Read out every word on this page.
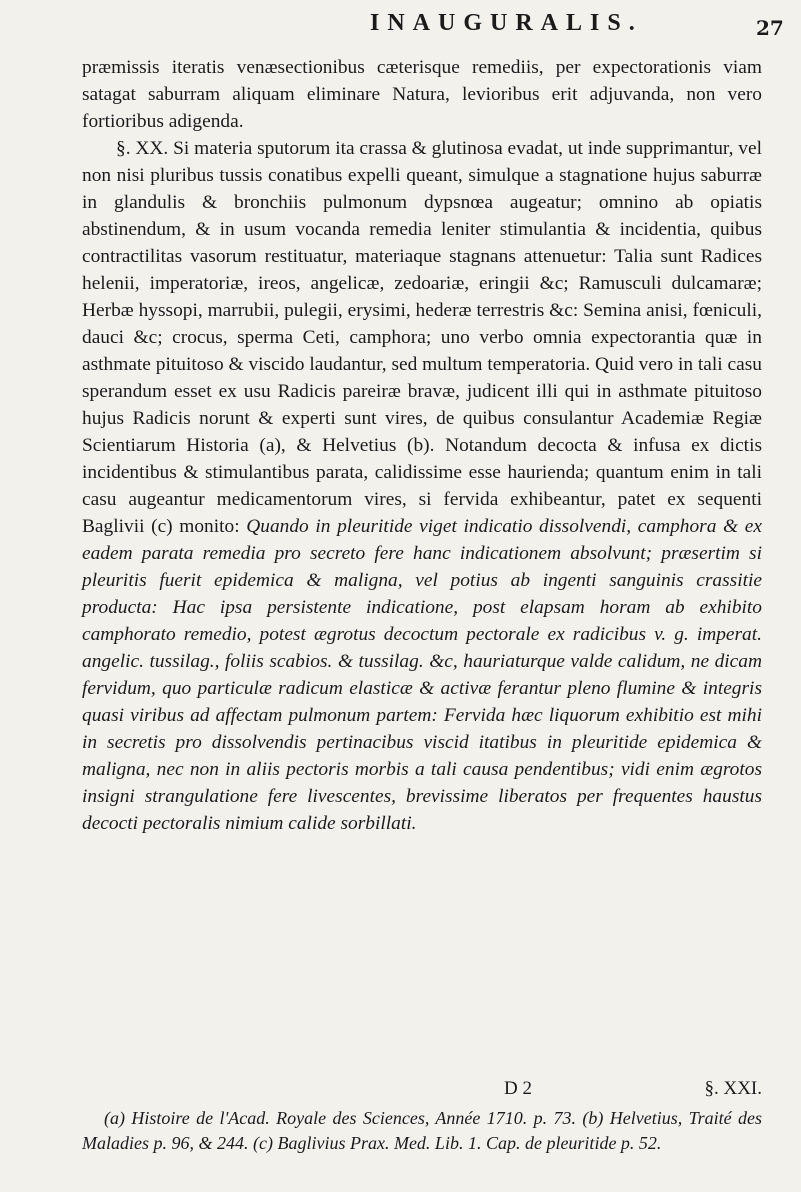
INAUGURALIS.	27

præmissis iteratis venæsectionibus cæterisque remediis, per expectorationis viam satagat saburram aliquam eliminare Natura, levioribus erit adjuvanda, non vero fortioribus adigenda.

§. XX. Si materia sputorum ita crassa & glutinosa evadat, ut inde supprimantur, vel non nisi pluribus tussis conatibus expelli queant, simulque a stagnatione hujus saburræ in glandulis & bronchiis pulmonum dypsnœa augeatur; omnino ab opiatis abstinendum, & in usum vocanda remedia leniter stimulantia & incidentia, quibus contractilitas vasorum restituatur, materiaque stagnans attenuetur: Talia sunt Radices helenii, imperatoriæ, ireos, angelicæ, zedoariæ, eringii &c; Ramusculi dulcamaræ; Herbæ hyssopi, marrubii, pulegii, erysimi, hederæ terrestris &c: Semina anisi, fœniculi, dauci &c; crocus, sperma Ceti, camphora; uno verbo omnia expectorantia quæ in asthmate pituitoso & viscido laudantur, sed multum temperatoria. Quid vero in tali casu sperandum esset ex usu Radicis pareiræ bravæ, judicent illi qui in asthmate pituitoso hujus Radicis norunt & experti sunt vires, de quibus consulantur Academiæ Regiæ Scientiarum Historia (a), & Helvetius (b). Notandum decocta & infusa ex dictis incidentibus & stimulantibus parata, calidissime esse haurienda; quantum enim in tali casu augeantur medicamentorum vires, si fervida exhibeantur, patet ex sequenti Baglivii (c) monito: Quando in pleuritide viget indicatio dissolvendi, camphora & ex eadem parata remedia pro secreto fere hanc indicationem absolvunt; præsertim si pleuritis fuerit epidemica & maligna, vel potius ab ingenti sanguinis crassitie producta: Hac ipsa persistente indicatione, post elapsam horam ab exhibito camphorato remedio, potest ægrotus decoctum pectorale ex radicibus v. g. imperat. angelic. tussilag., foliis scabios. & tussilag. &c, hauriaturque valde calidum, ne dicam fervidum, quo particulæ radicum elasticæ & activæ ferantur pleno flumine & integris quasi viribus ad affectam pulmonum partem: Fervida hæc liquorum exhibitio est mihi in secretis pro dissolvendis pertinacibus viscid itatibus in pleuritide epidemica & maligna, nec non in aliis pectoris morbis a tali causa pendentibus; vidi enim ægrotos insigni strangulatione fere livescentes, brevissime liberatos per frequentes haustus decocti pectoralis nimium calide sorbillati.

D 2	§. XXI.

(a) Histoire de l'Acad. Royale des Sciences, Année 1710. p. 73. (b) Helvetius, Traité des Maladies p. 96, & 244. (c) Baglivius Prax. Med. Lib. 1. Cap. de pleuritide p. 52.
